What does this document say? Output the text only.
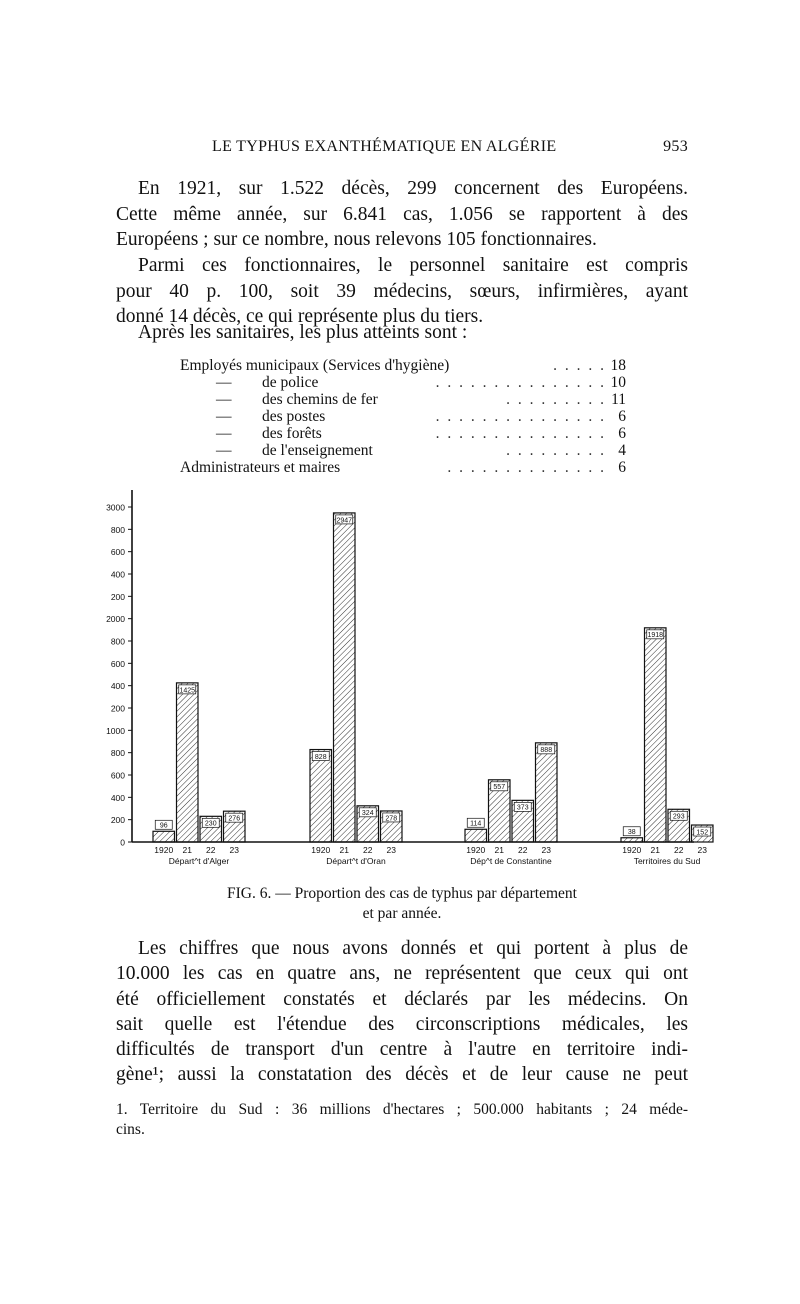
LE TYPHUS EXANTHÉMATIQUE EN ALGÉRIE	953
En 1921, sur 1.522 décès, 299 concernent des Européens.
Cette même année, sur 6.841 cas, 1.056 se rapportent à des
Européens ; sur ce nombre, nous relevons 105 fonctionnaires.
Parmi ces fonctionnaires, le personnel sanitaire est compris
pour 40 p. 100, soit 39 médecins, sœurs, infirmières, ayant
donné 14 décès, ce qui représente plus du tiers.
Après les sanitaires, les plus atteints sont :
. . . . .
Employés municipaux (Services d'hygiène)	18
. . . . . . . . . . . . . . .
— de police	10
. . . . . . . . .
— des chemins de fer	11
. . . . . . . . . . . . . . .
— des postes	6
. . . . . . . . . . . . . . .
— des forêts	6
. . . . . . . . .
— de l'enseignement	4
. . . . . . . . . . . . . .
Administrateurs et maires	6
0
200
400
600
800
1000
200
400
600
800
2000
200
400
600
800
3000
96
1920
1425
21
230
22
276
23
Départ^t d'Alger
828
1920
2947
21
324
22
278
23
Départ^t d'Oran
114
1920
557
21
373
22
888
23
Dép^t de Constantine
38
1920
1918
21
293
22
152
23
Territoires du Sud
FIG. 6. — Proportion des cas de typhus par département
et par année.
Les chiffres que nous avons donnés et qui portent à plus de
10.000 les cas en quatre ans, ne représentent que ceux qui ont
été officiellement constatés et déclarés par les médecins. On
sait quelle est l'étendue des circonscriptions médicales, les
difficultés de transport d'un centre à l'autre en territoire indi-
gène¹; aussi la constatation des décès et de leur cause ne peut
1. Territoire du Sud : 36 millions d'hectares ; 500.000 habitants ; 24 méde-
cins.
